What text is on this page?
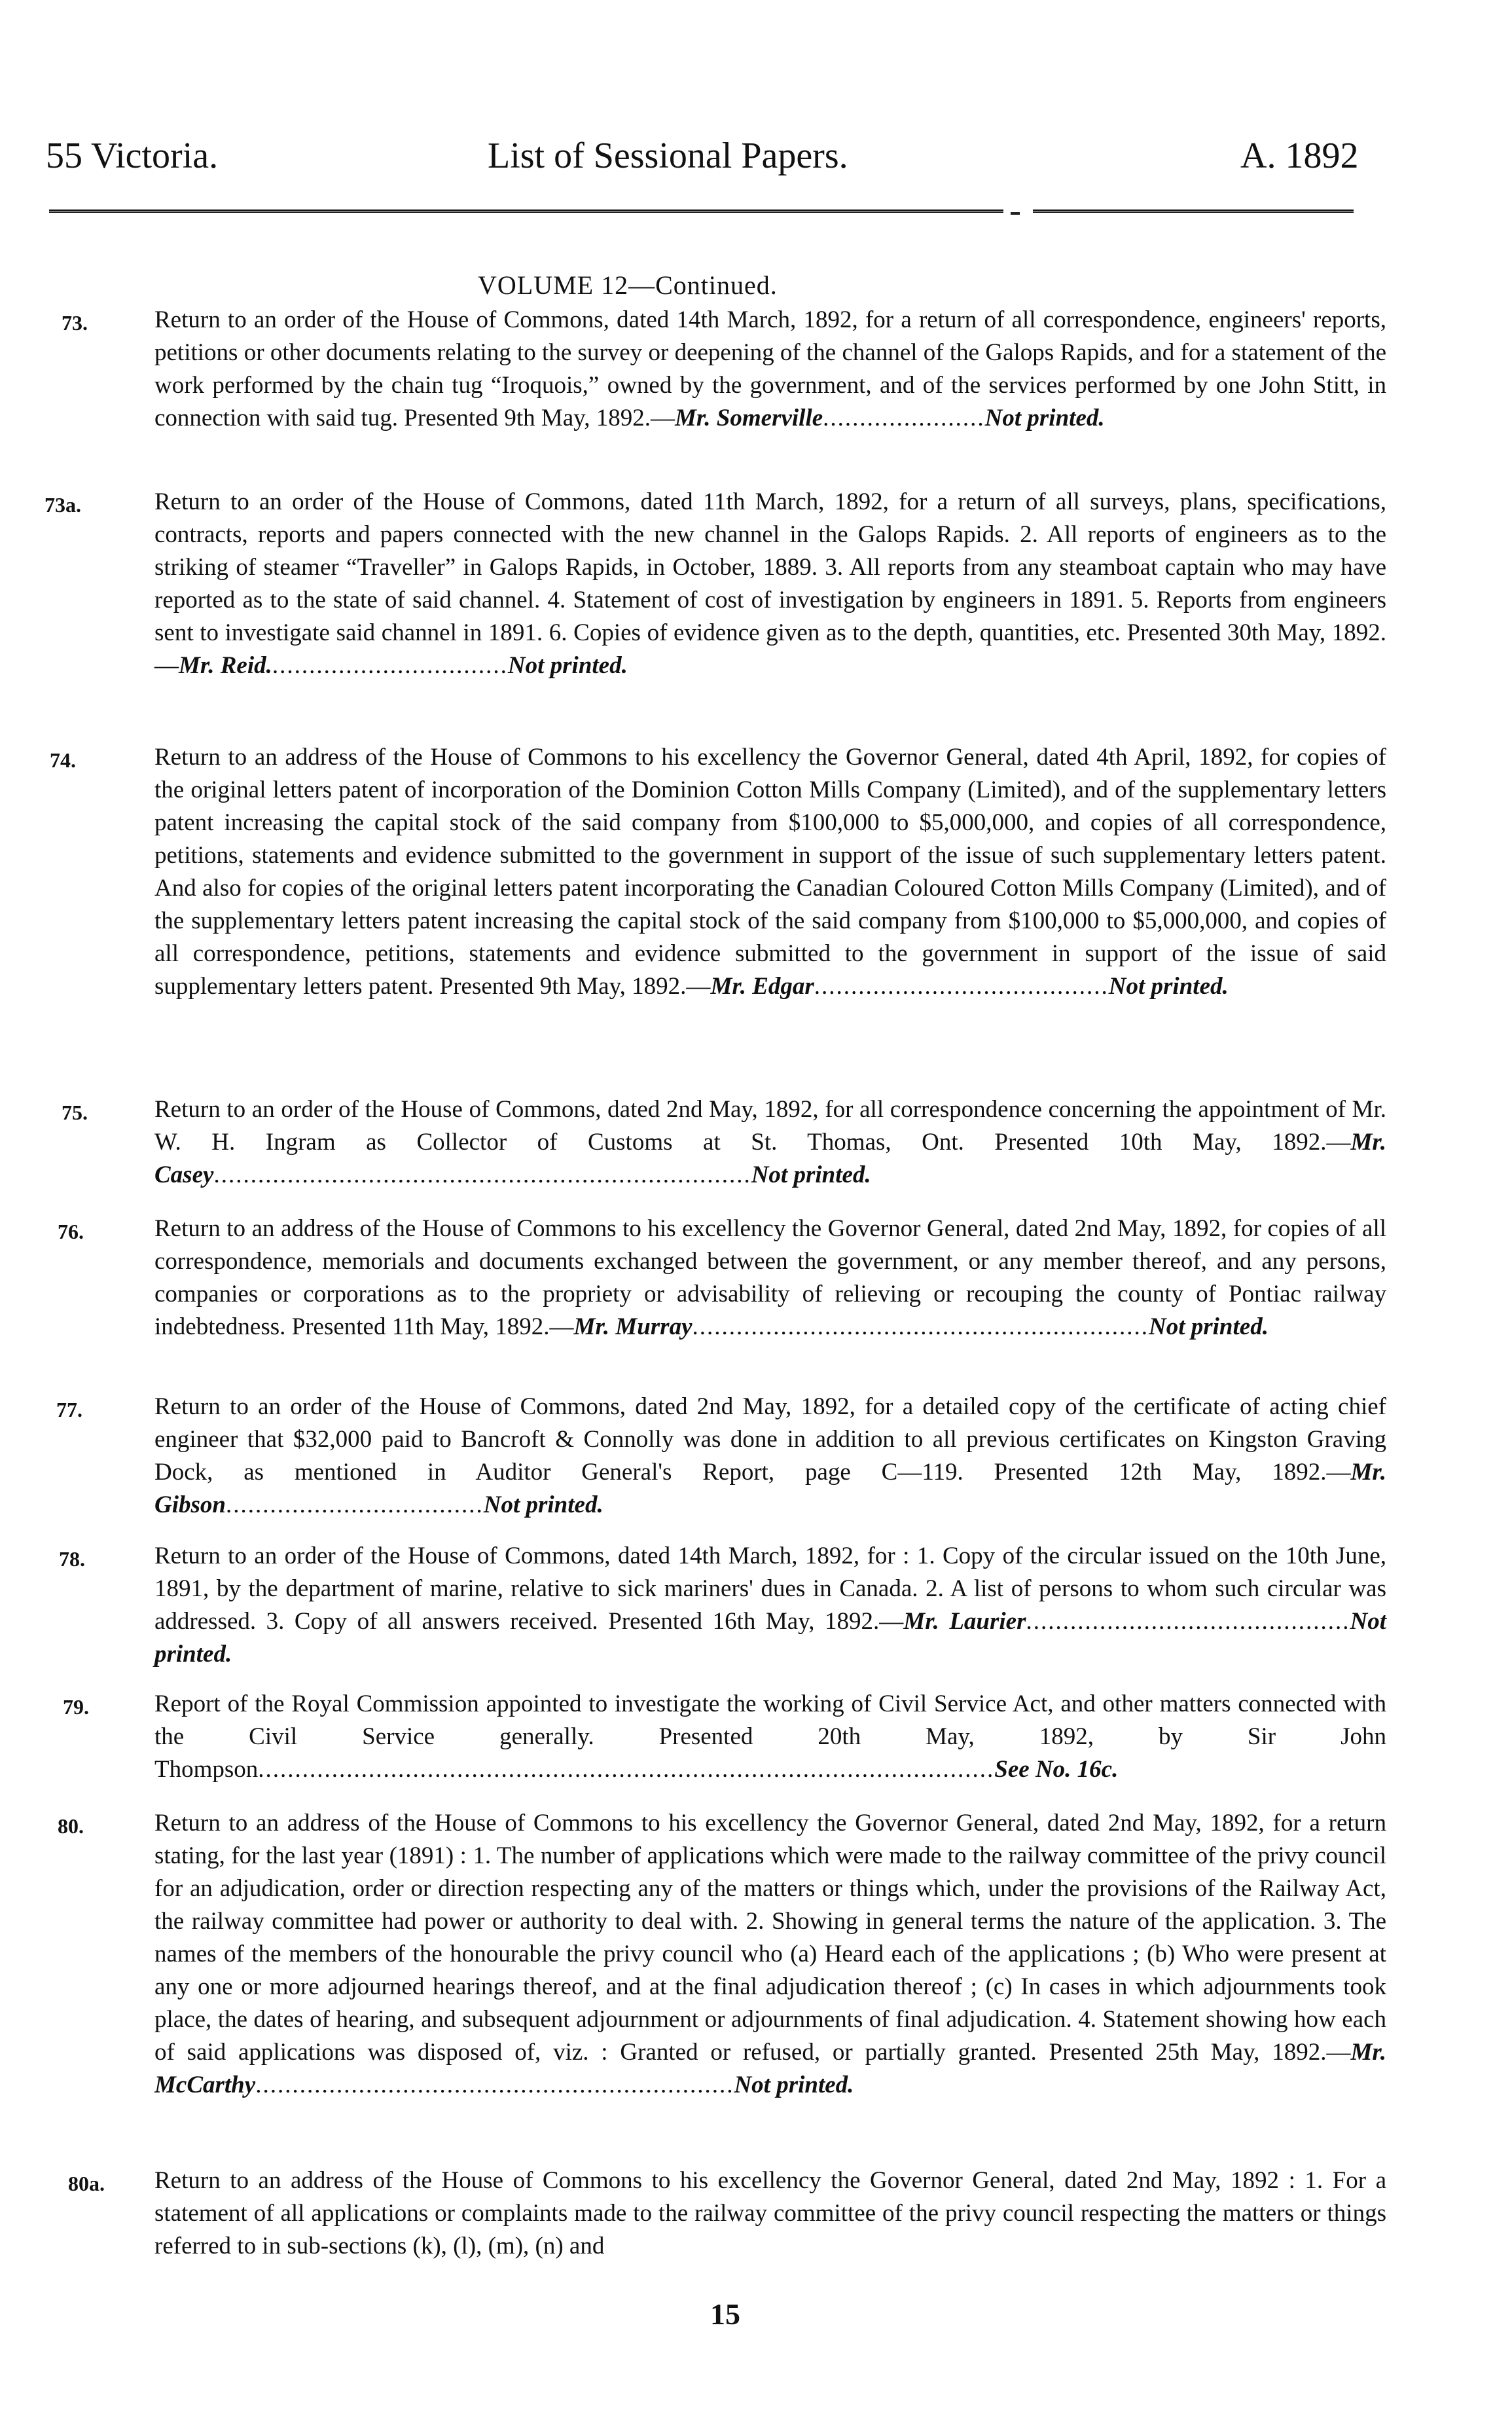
55 Victoria.	List of Sessional Papers.	A. 1892
VOLUME 12—Continued.
73.	Return to an order of the House of Commons, dated 14th March, 1892, for a return of all correspondence, engineers' reports, petitions or other documents relating to the survey or deepening of the channel of the Galops Rapids, and for a statement of the work performed by the chain tug “Iroquois,” owned by the government, and of the services performed by one John Stitt, in connection with said tug. Presented 9th May, 1892.—Mr. Somerville......................Not printed.
73a.	Return to an order of the House of Commons, dated 11th March, 1892, for a return of all surveys, plans, specifications, contracts, reports and papers connected with the new channel in the Galops Rapids. 2. All reports of engineers as to the striking of steamer “Traveller” in Galops Rapids, in October, 1889. 3. All reports from any steamboat captain who may have reported as to the state of said channel. 4. Statement of cost of investigation by engineers in 1891. 5. Reports from engineers sent to investigate said channel in 1891. 6. Copies of evidence given as to the depth, quantities, etc. Presented 30th May, 1892.—Mr. Reid.................................Not printed.
74.	Return to an address of the House of Commons to his excellency the Governor General, dated 4th April, 1892, for copies of the original letters patent of incorporation of the Dominion Cotton Mills Company (Limited), and of the supplementary letters patent increasing the capital stock of the said company from $100,000 to $5,000,000, and copies of all correspondence, petitions, statements and evidence submitted to the government in support of the issue of such supplementary letters patent. And also for copies of the original letters patent incorporating the Canadian Coloured Cotton Mills Company (Limited), and of the supplementary letters patent increasing the capital stock of the said company from $100,000 to $5,000,000, and copies of all correspondence, petitions, statements and evidence submitted to the government in support of the issue of said supplementary letters patent. Presented 9th May, 1892.—Mr. Edgar........................................Not printed.
75.	Return to an order of the House of Commons, dated 2nd May, 1892, for all correspondence concerning the appointment of Mr. W. H. Ingram as Collector of Customs at St. Thomas, Ont. Presented 10th May, 1892.—Mr. Casey.........................................................................Not printed.
76.	Return to an address of the House of Commons to his excellency the Governor General, dated 2nd May, 1892, for copies of all correspondence, memorials and documents exchanged between the government, or any member thereof, and any persons, companies or corporations as to the propriety or advisability of relieving or recouping the county of Pontiac railway indebtedness. Presented 11th May, 1892.—Mr. Murray..............................................................Not printed.
77.	Return to an order of the House of Commons, dated 2nd May, 1892, for a detailed copy of the certificate of acting chief engineer that $32,000 paid to Bancroft & Connolly was done in addition to all previous certificates on Kingston Graving Dock, as mentioned in Auditor General's Report, page C—119. Presented 12th May, 1892.—Mr. Gibson...................................Not printed.
78.	Return to an order of the House of Commons, dated 14th March, 1892, for : 1. Copy of the circular issued on the 10th June, 1891, by the department of marine, relative to sick mariners' dues in Canada. 2. A list of persons to whom such circular was addressed. 3. Copy of all answers received. Presented 16th May, 1892.—Mr. Laurier............................................Not printed.
79.	Report of the Royal Commission appointed to investigate the working of Civil Service Act, and other matters connected with the Civil Service generally. Presented 20th May, 1892, by Sir John Thompson....................................................................................................See No. 16c.
80.	Return to an address of the House of Commons to his excellency the Governor General, dated 2nd May, 1892, for a return stating, for the last year (1891) : 1. The number of applications which were made to the railway committee of the privy council for an adjudication, order or direction respecting any of the matters or things which, under the provisions of the Railway Act, the railway committee had power or authority to deal with. 2. Showing in general terms the nature of the application. 3. The names of the members of the honourable the privy council who (a) Heard each of the applications ; (b) Who were present at any one or more adjourned hearings thereof, and at the final adjudication thereof ; (c) In cases in which adjournments took place, the dates of hearing, and subsequent adjournment or adjournments of final adjudication. 4. Statement showing how each of said applications was disposed of, viz. : Granted or refused, or partially granted. Presented 25th May, 1892.—Mr. McCarthy.................................................................Not printed.
80a. Return to an address of the House of Commons to his excellency the Governor General, dated 2nd May, 1892 : 1. For a statement of all applications or complaints made to the railway committee of the privy council respecting the matters or things referred to in sub-sections (k), (l), (m), (n) and
15
